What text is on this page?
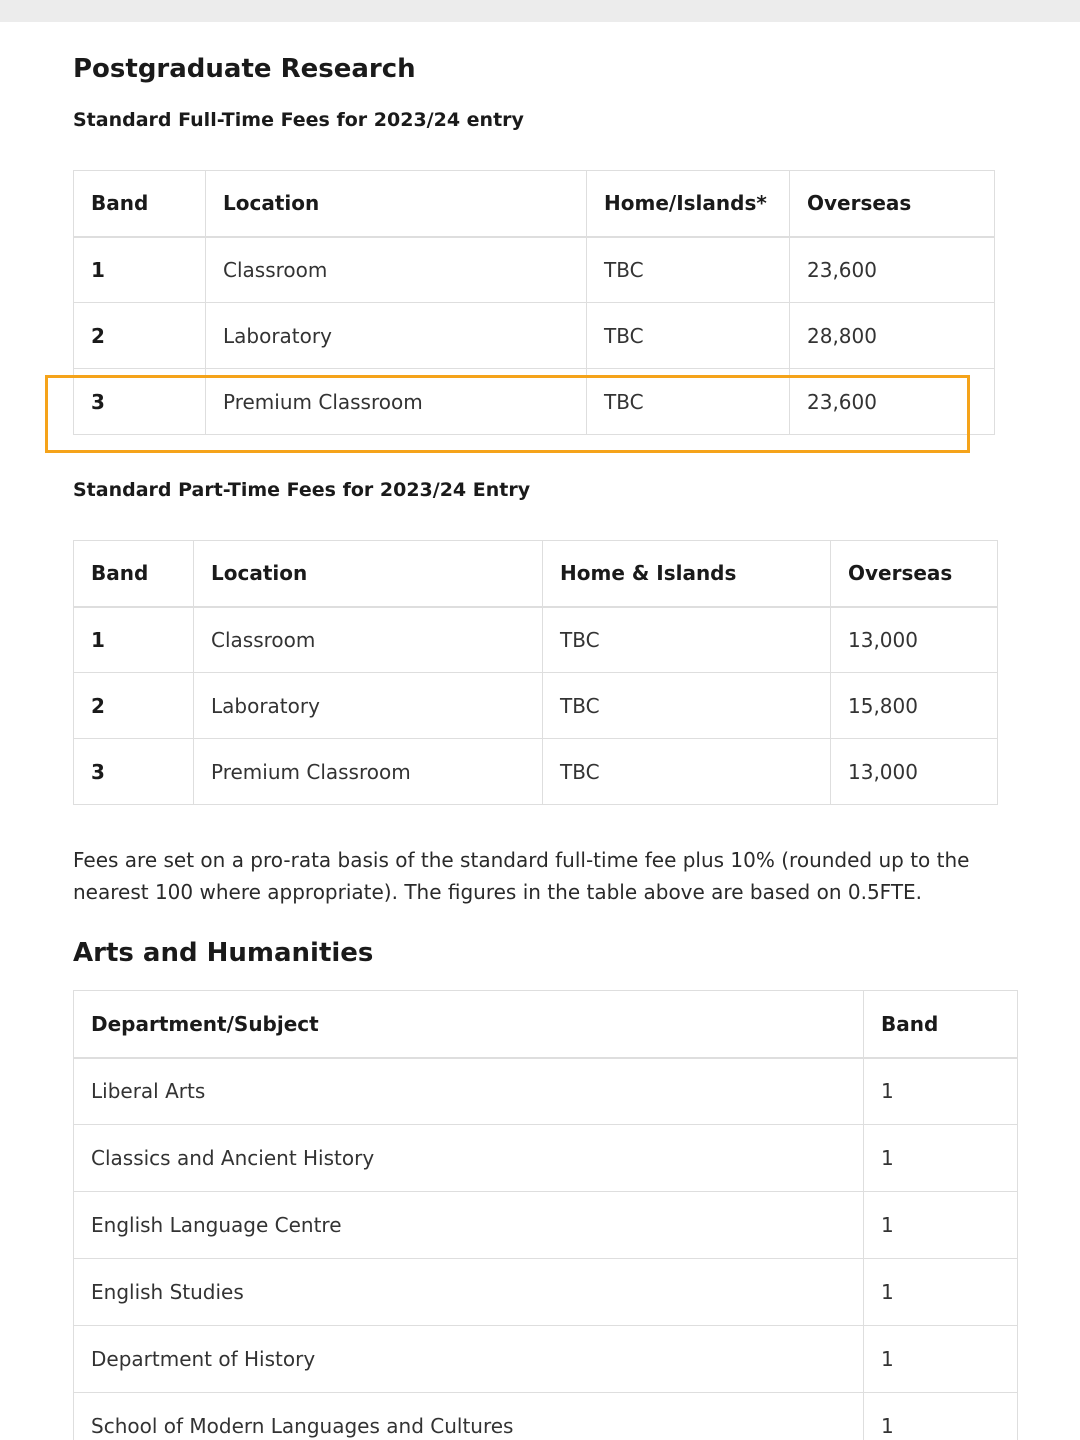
Postgraduate Research
Standard Full-Time Fees for 2023/24 entry
Band	Location	Home/Islands*	Overseas
1	Classroom	TBC	23,600
2	Laboratory	TBC	28,800
3	Premium Classroom	TBC	23,600
Standard Part-Time Fees for 2023/24 Entry
Band	Location	Home & Islands	Overseas
1	Classroom	TBC	13,000
2	Laboratory	TBC	15,800
3	Premium Classroom	TBC	13,000

Fees are set on a pro-rata basis of the standard full-time fee plus 10% (rounded up to the nearest 100 where appropriate). The figures in the table above are based on 0.5FTE.

Arts and Humanities
Department/Subject	Band
Liberal Arts	1
Classics and Ancient History	1
English Language Centre	1
English Studies	1
Department of History	1
School of Modern Languages and Cultures	1
